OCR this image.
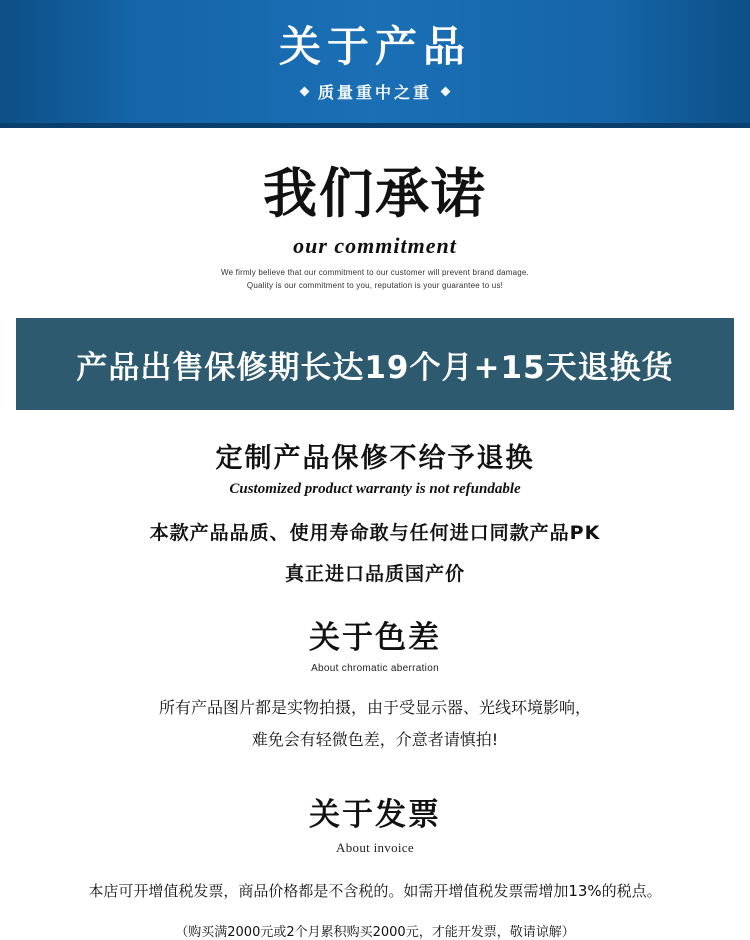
关于产品
质量重中之重
我们承诺
our commitment
We firmly believe that our commitment to our customer will prevent brand damage.
Quality is our commitment to you, reputation is your guarantee to us!
产品出售保修期长达19个月+15天退换货
定制产品保修不给予退换
Customized product warranty is not refundable
本款产品品质、使用寿命敢与任何进口同款产品PK
真正进口品质国产价
关于色差
About chromatic aberration
所有产品图片都是实物拍摄，由于受显示器、光线环境影响，
难免会有轻微色差，介意者请慎拍!
关于发票
About invoice
本店可开增值税发票，商品价格都是不含税的。如需开增值税发票需增加13%的税点。
（购买满2000元或2个月累积购买2000元，才能开发票，敬请谅解）
